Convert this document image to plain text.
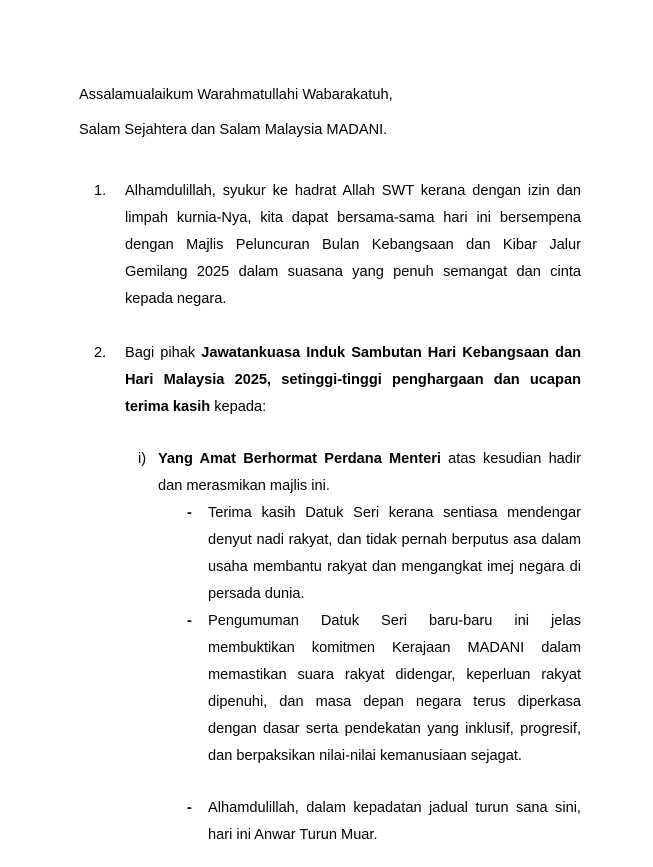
Assalamualaikum Warahmatullahi Wabarakatuh,

Salam Sejahtera dan Salam Malaysia MADANI.

1. Alhamdulillah, syukur ke hadrat Allah SWT kerana dengan izin dan limpah kurnia-Nya, kita dapat bersama-sama hari ini bersempena dengan Majlis Peluncuran Bulan Kebangsaan dan Kibar Jalur Gemilang 2025 dalam suasana yang penuh semangat dan cinta kepada negara.

2. Bagi pihak Jawatankuasa Induk Sambutan Hari Kebangsaan dan Hari Malaysia 2025, setinggi-tinggi penghargaan dan ucapan terima kasih kepada:

i) Yang Amat Berhormat Perdana Menteri atas kesudian hadir dan merasmikan majlis ini.

- Terima kasih Datuk Seri kerana sentiasa mendengar denyut nadi rakyat, dan tidak pernah berputus asa dalam usaha membantu rakyat dan mengangkat imej negara di persada dunia.

- Pengumuman Datuk Seri baru-baru ini jelas membuktikan komitmen Kerajaan MADANI dalam memastikan suara rakyat didengar, keperluan rakyat dipenuhi, dan masa depan negara terus diperkasa dengan dasar serta pendekatan yang inklusif, progresif, dan berpaksikan nilai-nilai kemanusiaan sejagat.

- Alhamdulillah, dalam kepadatan jadual turun sana sini, hari ini Anwar Turun Muar.
